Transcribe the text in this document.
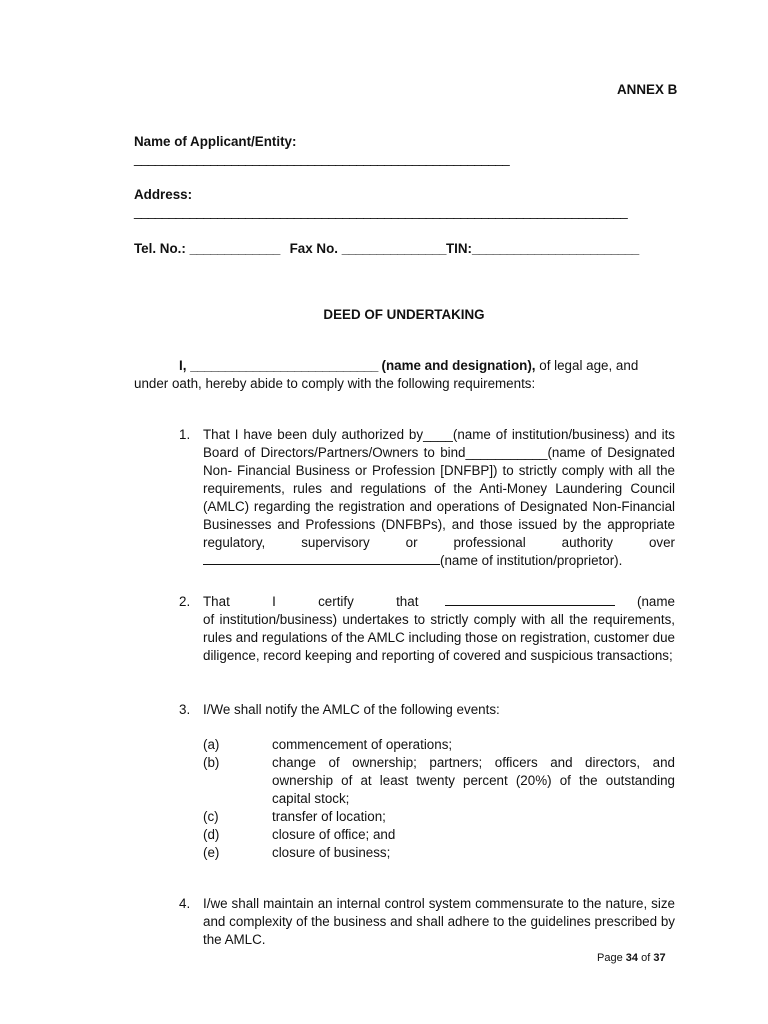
ANNEX B
Name of Applicant/Entity:
______________________________________________________
Address:
_______________________________________________________________________
Tel. No.: _____________ Fax No. _______________TIN:________________________
DEED OF UNDERTAKING
I, ___________________________ (name and designation), of legal age, and
under oath, hereby abide to comply with the following requirements:
1. That I have been duly authorized by____(name of institution/business) and its Board of Directors/Partners/Owners to bind___________(name of Designated Non- Financial Business or Profession [DNFBP]) to strictly comply with all the requirements, rules and regulations of the Anti-Money Laundering Council (AMLC) regarding the registration and operations of Designated Non-Financial Businesses and Professions (DNFBPs), and those issued by the appropriate regulatory, supervisory or professional authority over(name of institution/proprietor).
2. That I certify that	(name of institution/business) undertakes to strictly comply with all the requirements, rules and regulations of the AMLC including those on registration, customer due diligence, record keeping and reporting of covered and suspicious transactions;
3. I/We shall notify the AMLC of the following events:
(a)	commencement of operations;
(b)	change of ownership; partners; officers and directors, and ownership of at least twenty percent (20%) of the outstanding capital stock;
(c)	transfer of location;
(d)	closure of office; and
(e)	closure of business;
4. I/we shall maintain an internal control system commensurate to the nature, size and complexity of the business and shall adhere to the guidelines prescribed by the AMLC.
Page 34 of 37
